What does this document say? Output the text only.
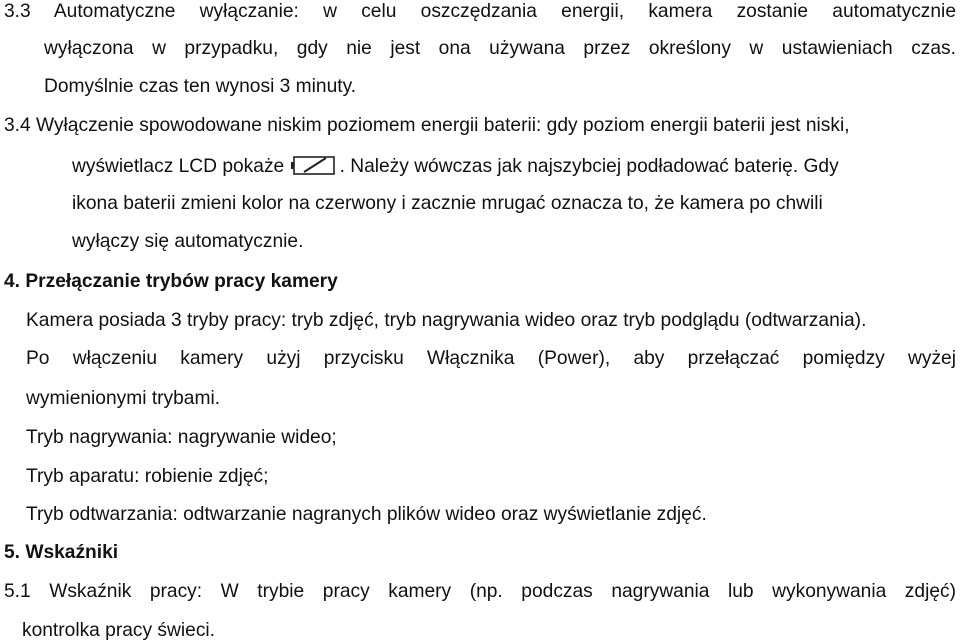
3.3 Automatyczne wyłączanie: w celu oszczędzania energii, kamera zostanie automatycznie
wyłączona w przypadku, gdy nie jest ona używana przez określony w ustawieniach czas.
Domyślnie czas ten wynosi 3 minuty.
3.4 Wyłączenie spowodowane niskim poziomem energii baterii: gdy poziom energii baterii jest niski,
wyświetlacz LCD pokaże	. Należy wówczas jak najszybciej podładować baterię. Gdy
ikona baterii zmieni kolor na czerwony i zacznie mrugać oznacza to, że kamera po chwili
wyłączy się automatycznie.
4. Przełączanie trybów pracy kamery
Kamera posiada 3 tryby pracy: tryb zdjęć, tryb nagrywania wideo oraz tryb podglądu (odtwarzania).
Po włączeniu kamery użyj przycisku Włącznika (Power), aby przełączać pomiędzy wyżej
wymienionymi trybami.
Tryb nagrywania: nagrywanie wideo;
Tryb aparatu: robienie zdjęć;
Tryb odtwarzania: odtwarzanie nagranych plików wideo oraz wyświetlanie zdjęć.
5. Wskaźniki
5.1 Wskaźnik pracy: W trybie pracy kamery (np. podczas nagrywania lub wykonywania zdjęć)
kontrolka pracy świeci.
